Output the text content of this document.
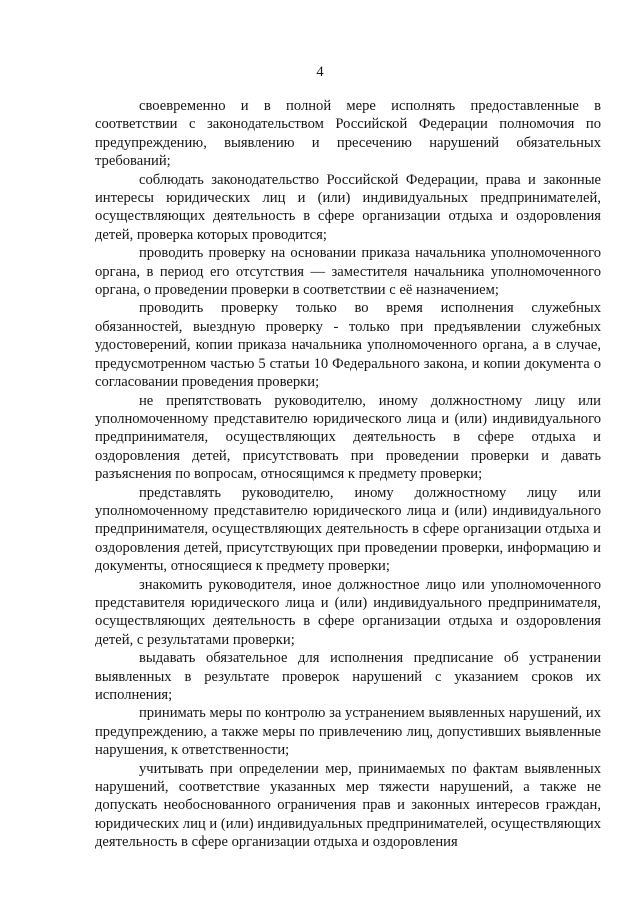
4

своевременно и в полной мере исполнять предоставленные в соответствии с законодательством Российской Федерации полномочия по предупреждению, выявлению и пресечению нарушений обязательных требований;

соблюдать законодательство Российской Федерации, права и законные интересы юридических лиц и (или) индивидуальных предпринимателей, осуществляющих деятельность в сфере организации отдыха и оздоровления детей, проверка которых проводится;

проводить проверку на основании приказа начальника уполномоченного органа, в период его отсутствия — заместителя начальника уполномоченного органа, о проведении проверки в соответствии с её назначением;

проводить проверку только во время исполнения служебных обязанностей, выездную проверку - только при предъявлении служебных удостоверений, копии приказа начальника уполномоченного органа, а в случае, предусмотренном частью 5 статьи 10 Федерального закона, и копии документа о согласовании проведения проверки;

не препятствовать руководителю, иному должностному лицу или уполномоченному представителю юридического лица и (или) индивидуального предпринимателя, осуществляющих деятельность в сфере отдыха и оздоровления детей, присутствовать при проведении проверки и давать разъяснения по вопросам, относящимся к предмету проверки;

представлять руководителю, иному должностному лицу или уполномоченному представителю юридического лица и (или) индивидуального предпринимателя, осуществляющих деятельность в сфере организации отдыха и оздоровления детей, присутствующих при проведении проверки, информацию и документы, относящиеся к предмету проверки;

знакомить руководителя, иное должностное лицо или уполномоченного представителя юридического лица и (или) индивидуального предпринимателя, осуществляющих деятельность в сфере организации отдыха и оздоровления детей, с результатами проверки;

выдавать обязательное для исполнения предписание об устранении выявленных в результате проверок нарушений с указанием сроков их исполнения;

принимать меры по контролю за устранением выявленных нарушений, их предупреждению, а также меры по привлечению лиц, допустивших выявленные нарушения, к ответственности;

учитывать при определении мер, принимаемых по фактам выявленных нарушений, соответствие указанных мер тяжести нарушений, а также не допускать необоснованного ограничения прав и законных интересов граждан, юридических лиц и (или) индивидуальных предпринимателей, осуществляющих деятельность в сфере организации отдыха и оздоровления
